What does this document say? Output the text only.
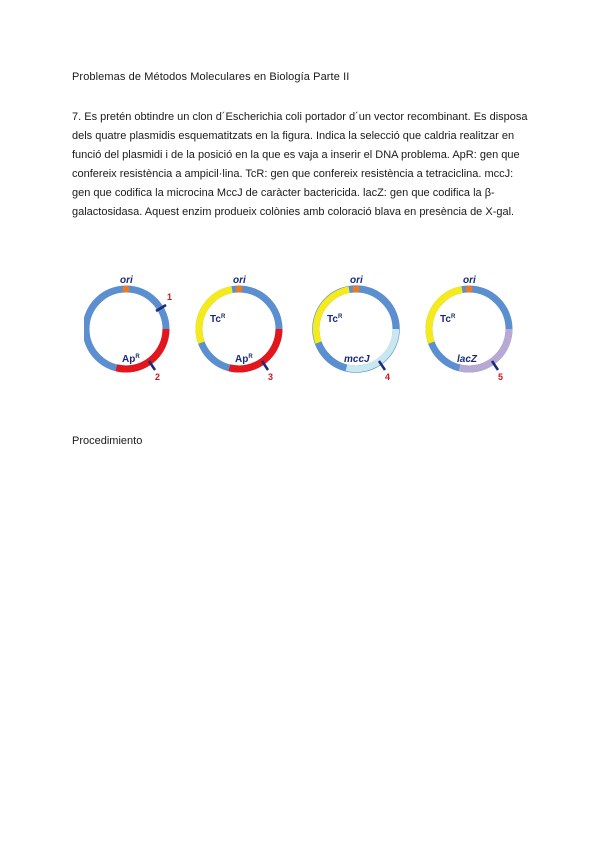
Problemas de Métodos Moleculares en Biología Parte II
7. Es pretén obtindre un clon d´Escherichia coli portador d´un vector recombinant. Es disposa dels quatre plasmidis esquematitzats en la figura. Indica la selecció que caldria realitzar en funció del plasmidi i de la posició en la que es vaja a inserir el DNA problema. ApR: gen que confereix resistència a ampicil·lina. TcR: gen que confereix resistència a tetraciclina. mccJ: gen que codifica la microcina MccJ de caràcter bactericida. lacZ: gen que codifica la β-galactosidasa. Aquest enzim produeix colònies amb coloració blava en presència de X-gal.
ori
$Ap^R$
1
2
ori
$Tc^R$
$Ap^R$
3
ori
$Tc^R$
mccJ
4
ori
$Tc^R$
lacZ
5
Procedimiento
